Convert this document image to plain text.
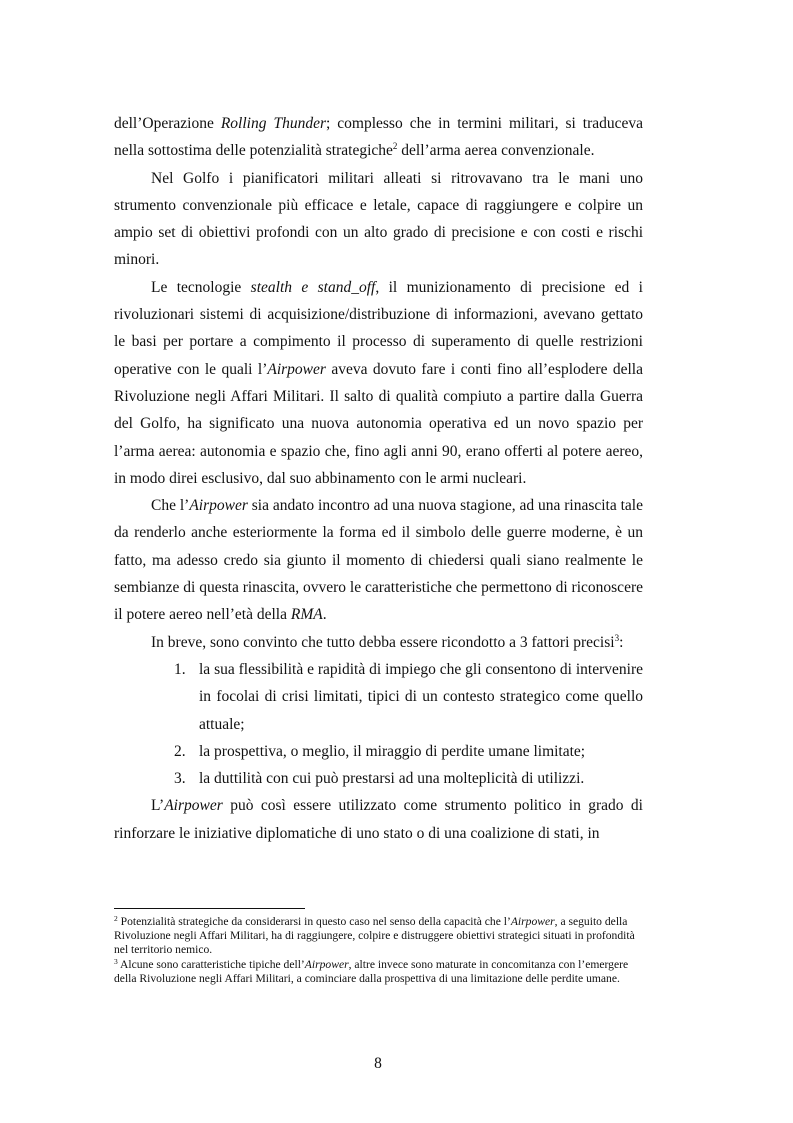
dell’Operazione Rolling Thunder; complesso che in termini militari, si traduceva nella sottostima delle potenzialità strategiche$^2$ dell’arma aerea convenzionale.

Nel Golfo i pianificatori militari alleati si ritrovavano tra le mani uno strumento convenzionale più efficace e letale, capace di raggiungere e colpire un ampio set di obiettivi profondi con un alto grado di precisione e con costi e rischi minori.

Le tecnologie stealth e stand_off, il munizionamento di precisione ed i rivoluzionari sistemi di acquisizione/distribuzione di informazioni, avevano gettato le basi per portare a compimento il processo di superamento di quelle restrizioni operative con le quali l’Airpower aveva dovuto fare i conti fino all’esplodere della Rivoluzione negli Affari Militari. Il salto di qualità compiuto a partire dalla Guerra del Golfo, ha significato una nuova autonomia operativa ed un novo spazio per l’arma aerea: autonomia e spazio che, fino agli anni 90, erano offerti al potere aereo, in modo direi esclusivo, dal suo abbinamento con le armi nucleari.

Che l’Airpower sia andato incontro ad una nuova stagione, ad una rinascita tale da renderlo anche esteriormente la forma ed il simbolo delle guerre moderne, è un fatto, ma adesso credo sia giunto il momento di chiedersi quali siano realmente le sembianze di questa rinascita, ovvero le caratteristiche che permettono di riconoscere il potere aereo nell’età della RMA.

In breve, sono convinto che tutto debba essere ricondotto a 3 fattori precisi$^3$:

1. la sua flessibilità e rapidità di impiego che gli consentono di intervenire in focolai di crisi limitati, tipici di un contesto strategico come quello attuale;
2. la prospettiva, o meglio, il miraggio di perdite umane limitate;
3. la duttilità con cui può prestarsi ad una molteplicità di utilizzi.

L’Airpower può così essere utilizzato come strumento politico in grado di rinforzare le iniziative diplomatiche di uno stato o di una coalizione di stati, in

$^2$ Potenzialità strategiche da considerarsi in questo caso nel senso della capacità che l’Airpower, a seguito della Rivoluzione negli Affari Militari, ha di raggiungere, colpire e distruggere obiettivi strategici situati in profondità nel territorio nemico.

$^3$ Alcune sono caratteristiche tipiche dell’Airpower, altre invece sono maturate in concomitanza con l’emergere della Rivoluzione negli Affari Militari, a cominciare dalla prospettiva di una limitazione delle perdite umane.

8
